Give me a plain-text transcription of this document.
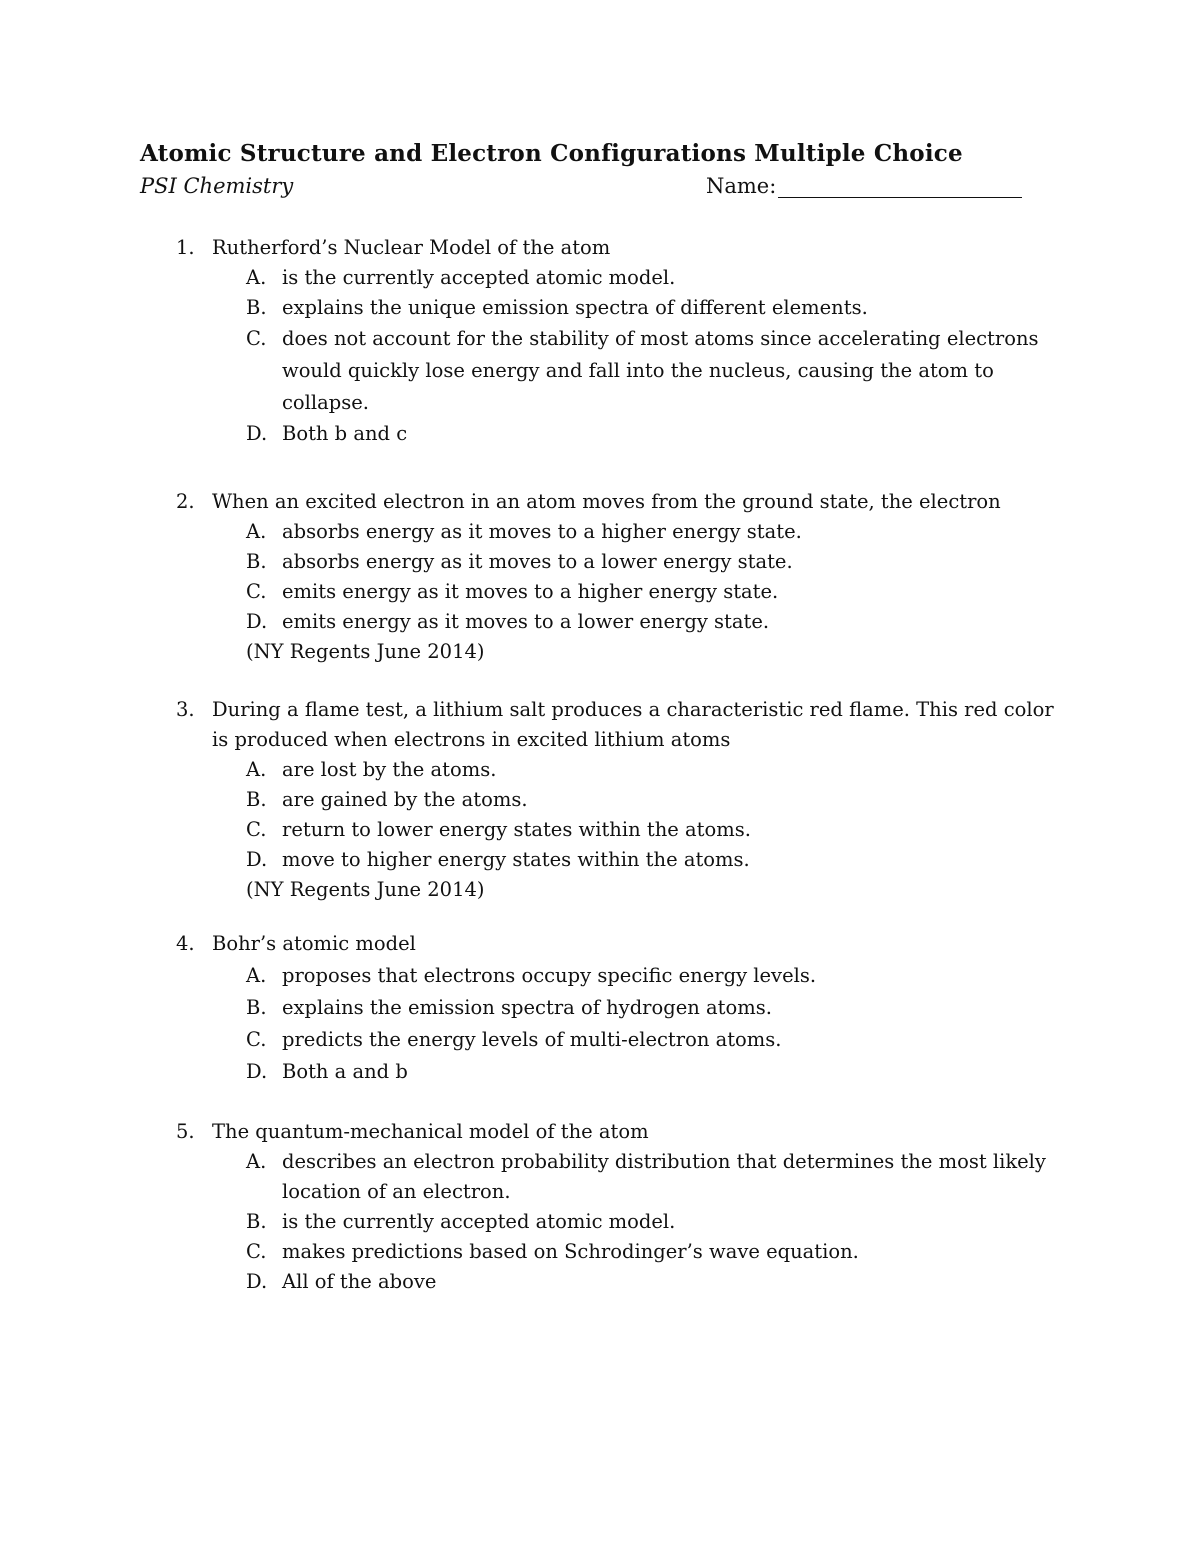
Atomic Structure and Electron Configurations Multiple Choice
PSI Chemistry	Name:
1. Rutherford’s Nuclear Model of the atom
A. is the currently accepted atomic model.
B. explains the unique emission spectra of different elements.
C. does not account for the stability of most atoms since accelerating electrons would quickly lose energy and fall into the nucleus, causing the atom to collapse.
D. Both b and c
2. When an excited electron in an atom moves from the ground state, the electron
A. absorbs energy as it moves to a higher energy state.
B. absorbs energy as it moves to a lower energy state.
C. emits energy as it moves to a higher energy state.
D. emits energy as it moves to a lower energy state.
(NY Regents June 2014)
3. During a flame test, a lithium salt produces a characteristic red flame. This red color is produced when electrons in excited lithium atoms
A. are lost by the atoms.
B. are gained by the atoms.
C. return to lower energy states within the atoms.
D. move to higher energy states within the atoms.
(NY Regents June 2014)
4. Bohr’s atomic model
A. proposes that electrons occupy specific energy levels.
B. explains the emission spectra of hydrogen atoms.
C. predicts the energy levels of multi-electron atoms.
D. Both a and b
5. The quantum-mechanical model of the atom
A. describes an electron probability distribution that determines the most likely location of an electron.
B. is the currently accepted atomic model.
C. makes predictions based on Schrodinger’s wave equation.
D. All of the above
